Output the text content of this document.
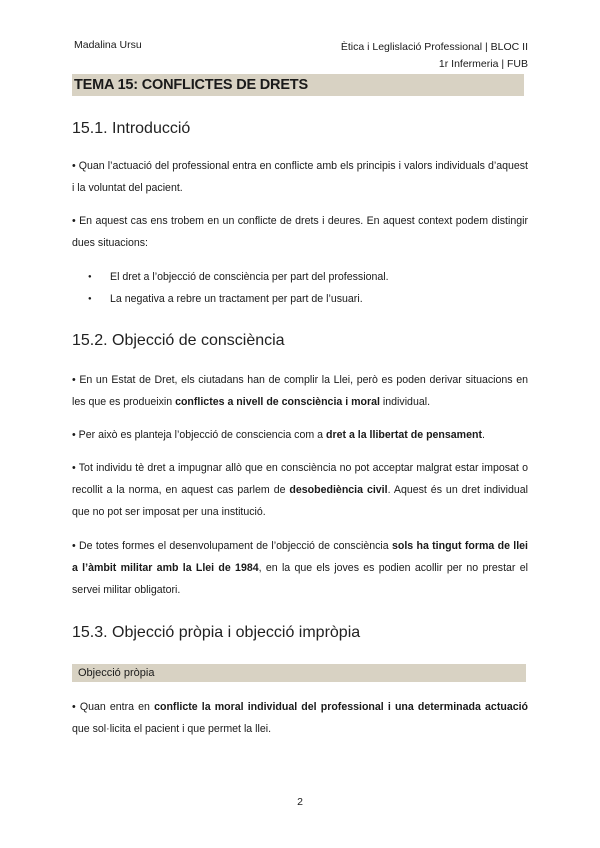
Madalina Ursu	Ètica i Leglislació Professional | BLOC II
1r Infermeria | FUB
TEMA 15: CONFLICTES DE DRETS
15.1. Introducció
• Quan l’actuació del professional entra en conflicte amb els principis i valors individuals d’aquest i la voluntat del pacient.
• En aquest cas ens trobem en un conflicte de drets i deures. En aquest context podem distingir dues situacions:
● El dret a l’objecció de consciència per part del professional.
● La negativa a rebre un tractament per part de l’usuari.
15.2. Objecció de consciència
• En un Estat de Dret, els ciutadans han de complir la Llei, però es poden derivar situacions en les que es produeixin conflictes a nivell de consciència i moral individual.
• Per això es planteja l’objecció de consciencia com a dret a la llibertat de pensament.
• Tot individu tè dret a impugnar allò que en consciència no pot acceptar malgrat estar imposat o recollit a la norma, en aquest cas parlem de desobediència civil. Aquest és un dret individual que no pot ser imposat per una institució.
• De totes formes el desenvolupament de l’objecció de consciència sols ha tingut forma de llei a l’àmbit militar amb la Llei de 1984, en la que els joves es podien acollir per no prestar el servei militar obligatori.
15.3. Objecció pròpia i objecció impròpia
Objecció pròpia
• Quan entra en conflicte la moral individual del professional i una determinada actuació que sol·licita el pacient i que permet la llei.
2
